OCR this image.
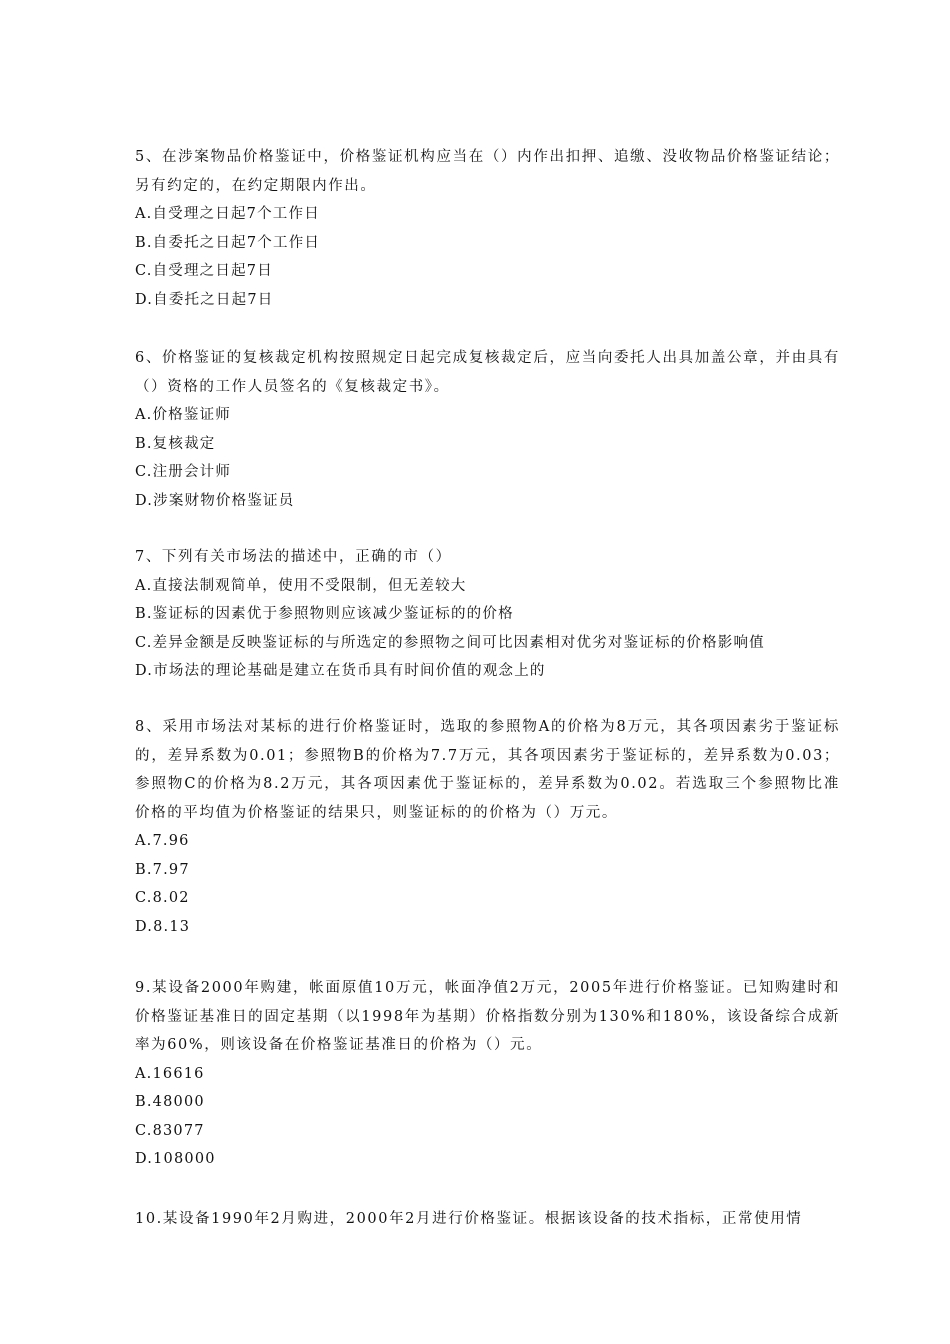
5、在涉案物品价格鉴证中，价格鉴证机构应当在（）内作出扣押、追缴、没收物品价格鉴证结论；另有约定的，在约定期限内作出。

A.自受理之日起7个工作日
B.自委托之日起7个工作日
C.自受理之日起7日
D.自委托之日起7日

6、价格鉴证的复核裁定机构按照规定日起完成复核裁定后，应当向委托人出具加盖公章，并由具有（）资格的工作人员签名的《复核裁定书》。

A.价格鉴证师
B.复核裁定
C.注册会计师
D.涉案财物价格鉴证员

7、下列有关市场法的描述中，正确的市（）

A.直接法制观简单，使用不受限制，但无差较大
B.鉴证标的因素优于参照物则应该减少鉴证标的的价格
C.差异金额是反映鉴证标的与所选定的参照物之间可比因素相对优劣对鉴证标的价格影响值
D.市场法的理论基础是建立在货币具有时间价值的观念上的

8、采用市场法对某标的进行价格鉴证时，选取的参照物A的价格为8万元，其各项因素劣于鉴证标的，差异系数为0.01；参照物B的价格为7.7万元，其各项因素劣于鉴证标的，差异系数为0.03；参照物C的价格为8.2万元，其各项因素优于鉴证标的，差异系数为0.02。若选取三个参照物比准价格的平均值为价格鉴证的结果只，则鉴证标的的价格为（）万元。

A.7.96
B.7.97
C.8.02
D.8.13

9.某设备2000年购建，帐面原值10万元，帐面净值2万元，2005年进行价格鉴证。已知购建时和价格鉴证基准日的固定基期（以1998年为基期）价格指数分别为130%和180%，该设备综合成新率为60%，则该设备在价格鉴证基准日的价格为（）元。

A.16616
B.48000
C.83077
D.108000

10.某设备1990年2月购进，2000年2月进行价格鉴证。根据该设备的技术指标，正常使用情
